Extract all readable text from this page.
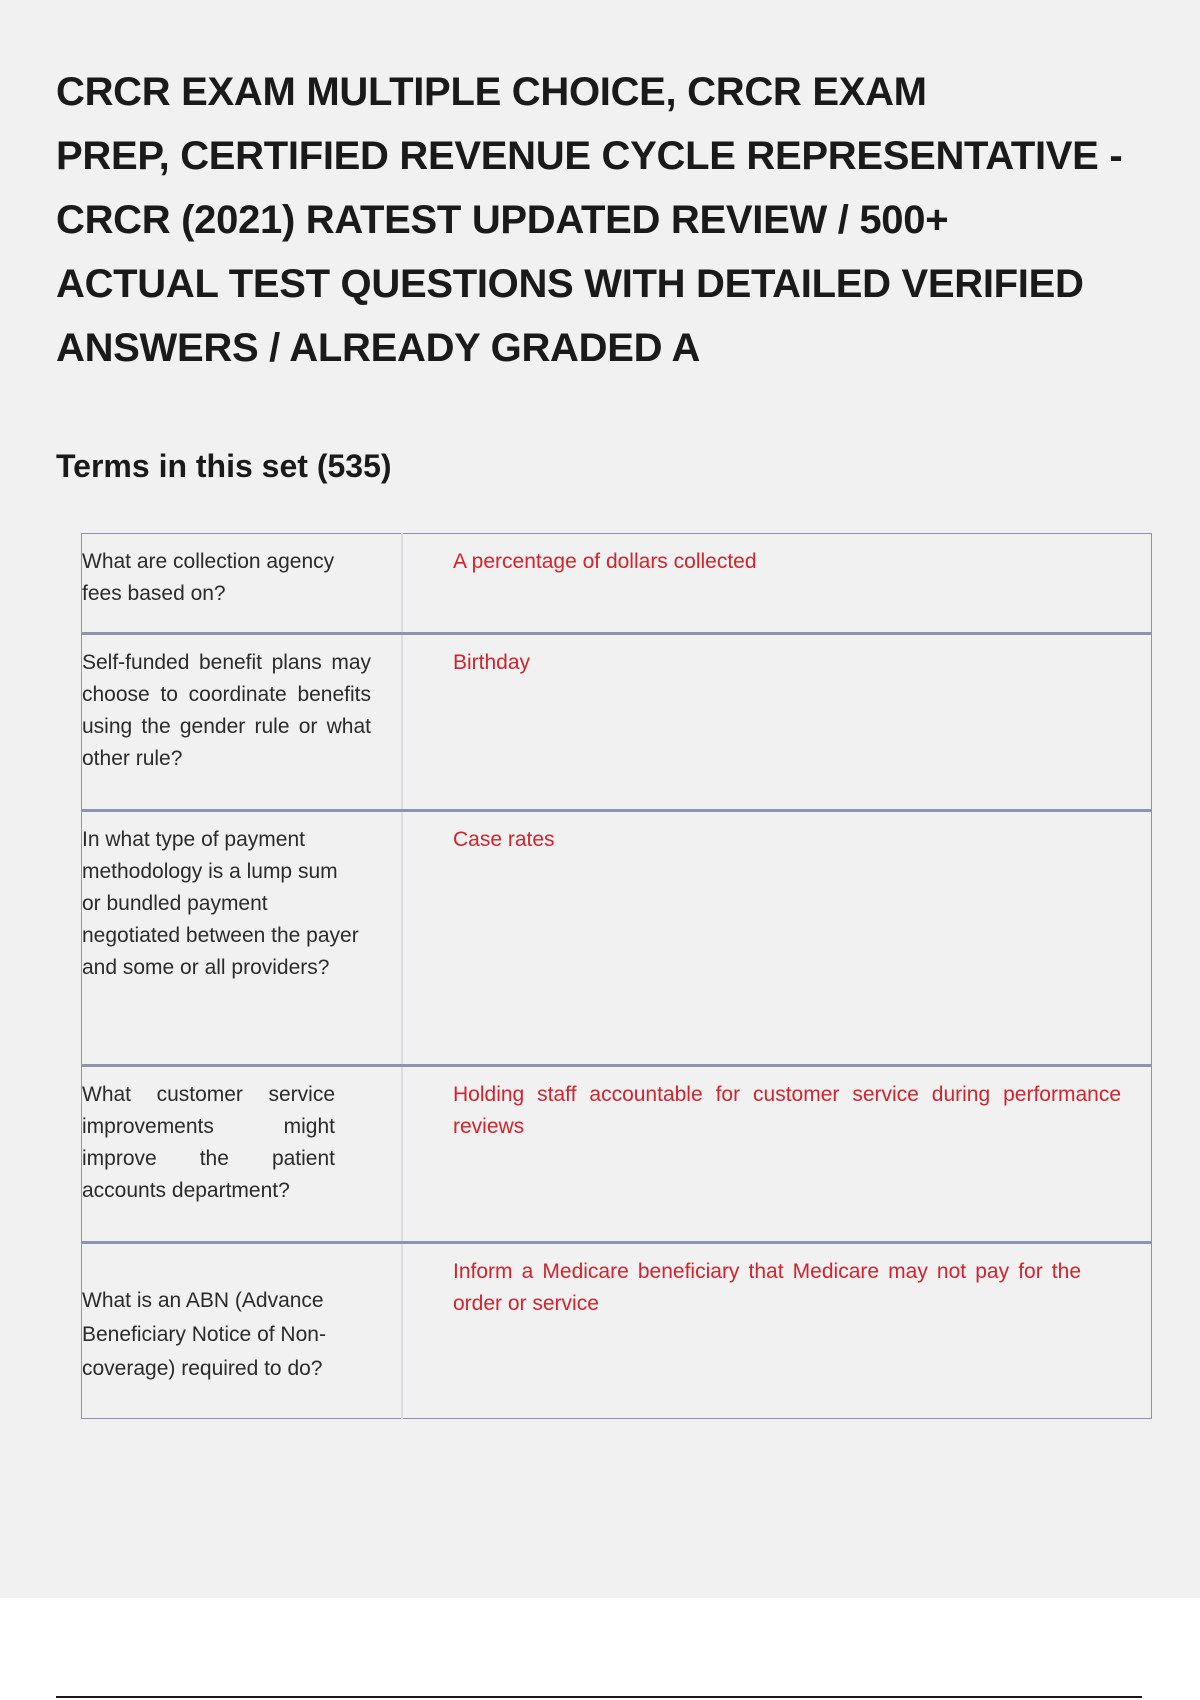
CRCR EXAM MULTIPLE CHOICE, CRCR EXAM
PREP, CERTIFIED REVENUE CYCLE REPRESENTATIVE -
CRCR (2021) RATEST UPDATED REVIEW / 500+
ACTUAL TEST QUESTIONS WITH DETAILED VERIFIED
ANSWERS / ALREADY GRADED A
Terms in this set (535)
What are collection agency fees based on?	A percentage of dollars collected

Self-funded benefit plans may choose to coordinate benefits using the gender rule or what other rule?	Birthday

In what type of payment methodology is a lump sum or bundled payment negotiated between the payer and some or all providers?	Case rates

What customer service improvements might improve the patient accounts department?	Holding staff accountable for customer service during performance reviews

What is an ABN (Advance Beneficiary Notice of Non-coverage) required to do?	Inform a Medicare beneficiary that Medicare may not pay for the order or service
